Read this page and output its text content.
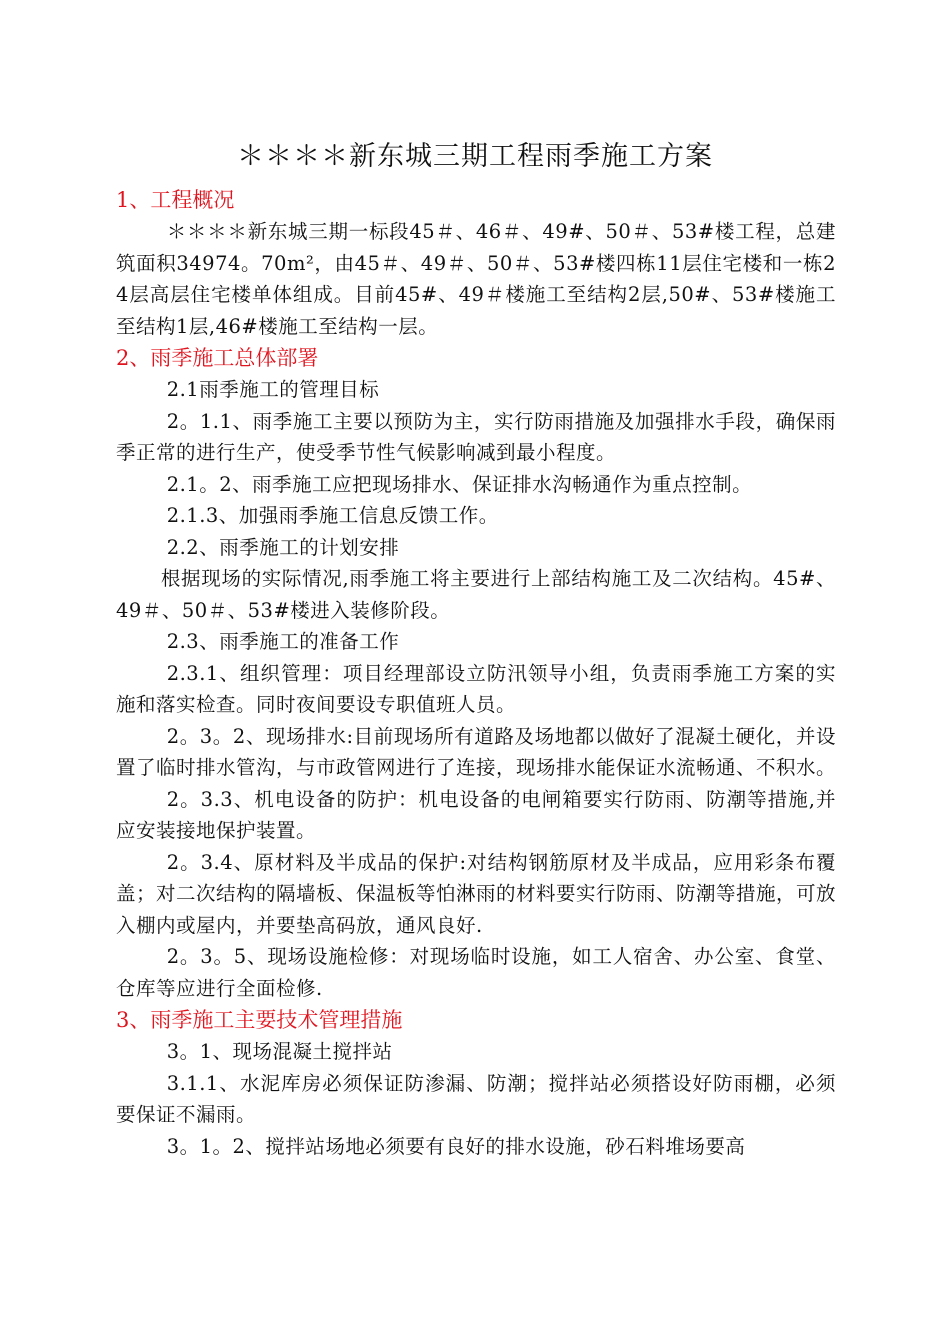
＊＊＊＊新东城三期工程雨季施工方案
1、工程概况
＊＊＊＊新东城三期一标段45＃、46＃、49#、50＃、53#楼工程，总建筑面积34974。70m²，由45＃、49＃、50＃、53#楼四栋11层住宅楼和一栋24层高层住宅楼单体组成。目前45#、49＃楼施工至结构2层,50#、53#楼施工至结构1层,46#楼施工至结构一层。
2、雨季施工总体部署
2.1雨季施工的管理目标
2。1.1、雨季施工主要以预防为主，实行防雨措施及加强排水手段，确保雨季正常的进行生产，使受季节性气候影响减到最小程度。
2.1。2、雨季施工应把现场排水、保证排水沟畅通作为重点控制。
2.1.3、加强雨季施工信息反馈工作。
2.2、雨季施工的计划安排
根据现场的实际情况,雨季施工将主要进行上部结构施工及二次结构。45#、49＃、50＃、53#楼进入装修阶段。
2.3、雨季施工的准备工作
2.3.1、组织管理：项目经理部设立防汛领导小组，负责雨季施工方案的实施和落实检查。同时夜间要设专职值班人员。
2。3。2、现场排水:目前现场所有道路及场地都以做好了混凝土硬化，并设置了临时排水管沟，与市政管网进行了连接，现场排水能保证水流畅通、不积水。
2。3.3、机电设备的防护：机电设备的电闸箱要实行防雨、防潮等措施,并应安装接地保护装置。
2。3.4、原材料及半成品的保护:对结构钢筋原材及半成品，应用彩条布覆盖；对二次结构的隔墙板、保温板等怕淋雨的材料要实行防雨、防潮等措施，可放入棚内或屋内，并要垫高码放，通风良好.
2。3。5、现场设施检修：对现场临时设施，如工人宿舍、办公室、食堂、仓库等应进行全面检修.
3、雨季施工主要技术管理措施
3。1、现场混凝土搅拌站
3.1.1、水泥库房必须保证防渗漏、防潮；搅拌站必须搭设好防雨棚，必须要保证不漏雨。
3。1。2、搅拌站场地必须要有良好的排水设施，砂石料堆场要高
